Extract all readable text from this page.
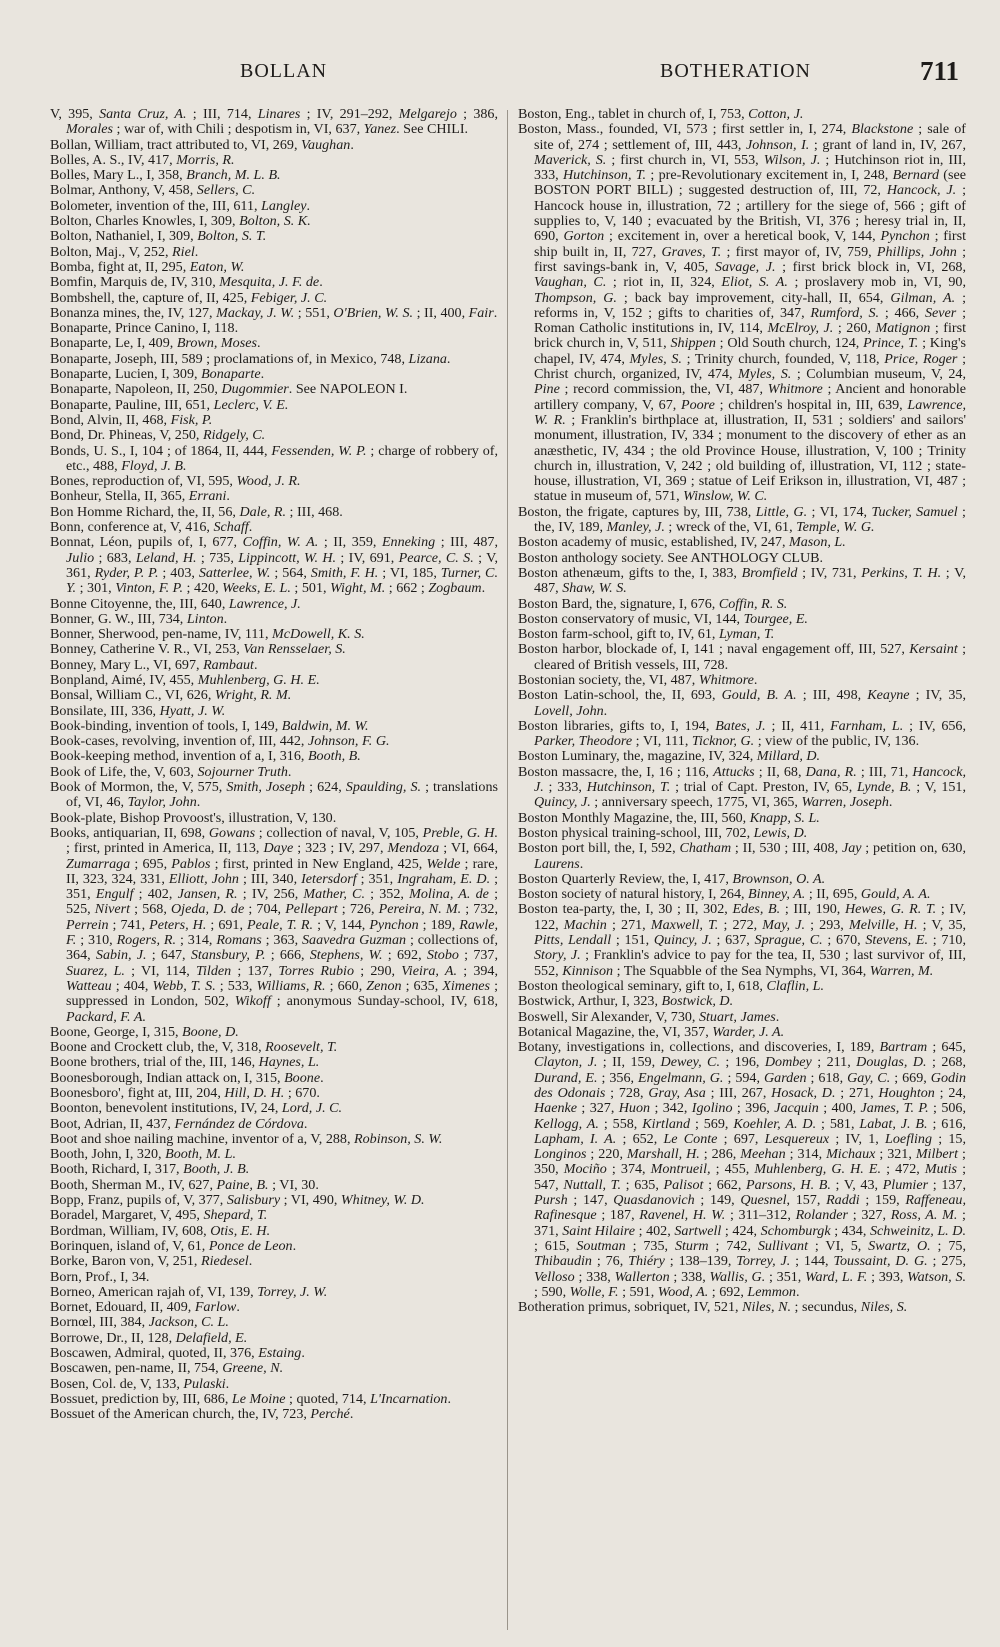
BOLLAN	BOTHERATION	711

V, 395, Santa Cruz, A. ; III, 714, Linares ; IV, 291–292, Melgarejo ; 386, Morales ; war of, with Chili ; despotism in, VI, 637, Yanez. See CHILI.

Bollan, William, tract attributed to, VI, 269, Vaughan.

Bolles, A. S., IV, 417, Morris, R.

Bolles, Mary L., I, 358, Branch, M. L. B.

Bolmar, Anthony, V, 458, Sellers, C.

Bolometer, invention of the, III, 611, Langley.

Bolton, Charles Knowles, I, 309, Bolton, S. K.

Bolton, Nathaniel, I, 309, Bolton, S. T.

Bolton, Maj., V, 252, Riel.

Bomba, fight at, II, 295, Eaton, W.

Bomfin, Marquis de, IV, 310, Mesquita, J. F. de.

Bombshell, the, capture of, II, 425, Febiger, J. C.

Bonanza mines, the, IV, 127, Mackay, J. W. ; 551, O'Brien, W. S. ; II, 400, Fair.

Bonaparte, Prince Canino, I, 118.

Bonaparte, Le, I, 409, Brown, Moses.

Bonaparte, Joseph, III, 589 ; proclamations of, in Mexico, 748, Lizana.

Bonaparte, Lucien, I, 309, Bonaparte.

Bonaparte, Napoleon, II, 250, Dugommier. See NAPOLEON I.

Bonaparte, Pauline, III, 651, Leclerc, V. E.

Bond, Alvin, II, 468, Fisk, P.

Bond, Dr. Phineas, V, 250, Ridgely, C.

Bonds, U. S., I, 104 ; of 1864, II, 444, Fessenden, W. P. ; charge of robbery of, etc., 488, Floyd, J. B.

Bones, reproduction of, VI, 595, Wood, J. R.

Bonheur, Stella, II, 365, Errani.

Bon Homme Richard, the, II, 56, Dale, R. ; III, 468.

Bonn, conference at, V, 416, Schaff.

Bonnat, Léon, pupils of, I, 677, Coffin, W. A. ; II, 359, Enneking ; III, 487, Julio ; 683, Leland, H. ; 735, Lippincott, W. H. ; IV, 691, Pearce, C. S. ; V, 361, Ryder, P. P. ; 403, Satterlee, W. ; 564, Smith, F. H. ; VI, 185, Turner, C. Y. ; 301, Vinton, F. P. ; 420, Weeks, E. L. ; 501, Wight, M. ; 662 ; Zogbaum.

Bonne Citoyenne, the, III, 640, Lawrence, J.

Bonner, G. W., III, 734, Linton.

Bonner, Sherwood, pen-name, IV, 111, McDowell, K. S.

Bonney, Catherine V. R., VI, 253, Van Rensselaer, S.

Bonney, Mary L., VI, 697, Rambaut.

Bonpland, Aimé, IV, 455, Muhlenberg, G. H. E.

Bonsal, William C., VI, 626, Wright, R. M.

Bonsilate, III, 336, Hyatt, J. W.

Book-binding, invention of tools, I, 149, Baldwin, M. W.

Book-cases, revolving, invention of, III, 442, Johnson, F. G.

Book-keeping method, invention of a, I, 316, Booth, B.

Book of Life, the, V, 603, Sojourner Truth.

Book of Mormon, the, V, 575, Smith, Joseph ; 624, Spaulding, S. ; translations of, VI, 46, Taylor, John.

Book-plate, Bishop Provoost's, illustration, V, 130.

Books, antiquarian, II, 698, Gowans ; collection of naval, V, 105, Preble, G. H. ; first, printed in America, II, 113, Daye ; 323 ; IV, 297, Mendoza ; VI, 664, Zumarraga ; 695, Pablos ; first, printed in New England, 425, Welde ; rare, II, 323, 324, 331, Elliott, John ; III, 340, Ietersdorf ; 351, Ingraham, E. D. ; 351, Engulf ; 402, Jansen, R. ; IV, 256, Mather, C. ; 352, Molina, A. de ; 525, Nivert ; 568, Ojeda, D. de ; 704, Pellepart ; 726, Pereira, N. M. ; 732, Perrein ; 741, Peters, H. ; 691, Peale, T. R. ; V, 144, Pynchon ; 189, Rawle, F. ; 310, Rogers, R. ; 314, Romans ; 363, Saavedra Guzman ; collections of, 364, Sabin, J. ; 647, Stansbury, P. ; 666, Stephens, W. ; 692, Stobo ; 737, Suarez, L. ; VI, 114, Tilden ; 137, Torres Rubio ; 290, Vieira, A. ; 394, Watteau ; 404, Webb, T. S. ; 533, Williams, R. ; 660, Zenon ; 635, Ximenes ; suppressed in London, 502, Wikoff ; anonymous Sunday-school, IV, 618, Packard, F. A.

Boone, George, I, 315, Boone, D.

Boone and Crockett club, the, V, 318, Roosevelt, T.

Boone brothers, trial of the, III, 146, Haynes, L.

Boonesborough, Indian attack on, I, 315, Boone.

Boonesboro', fight at, III, 204, Hill, D. H. ; 670.

Boonton, benevolent institutions, IV, 24, Lord, J. C.

Boot, Adrian, II, 437, Fernández de Córdova.

Boot and shoe nailing machine, inventor of a, V, 288, Robinson, S. W.

Booth, John, I, 320, Booth, M. L.

Booth, Richard, I, 317, Booth, J. B.

Booth, Sherman M., IV, 627, Paine, B. ; VI, 30.

Bopp, Franz, pupils of, V, 377, Salisbury ; VI, 490, Whitney, W. D.

Boradel, Margaret, V, 495, Shepard, T.

Bordman, William, IV, 608, Otis, E. H.

Borinquen, island of, V, 61, Ponce de Leon.

Borke, Baron von, V, 251, Riedesel.

Born, Prof., I, 34.

Borneo, American rajah of, VI, 139, Torrey, J. W.

Bornet, Edouard, II, 409, Farlow.

Bornœl, III, 384, Jackson, C. L.

Borrowe, Dr., II, 128, Delafield, E.

Boscawen, Admiral, quoted, II, 376, Estaing.

Boscawen, pen-name, II, 754, Greene, N.

Bosen, Col. de, V, 133, Pulaski.

Bossuet, prediction by, III, 686, Le Moine ; quoted, 714, L'Incarnation.

Bossuet of the American church, the, IV, 723, Perché.

Boston, Eng., tablet in church of, I, 753, Cotton, J.

Boston, Mass., founded, VI, 573 ; first settler in, I, 274, Blackstone ; sale of site of, 274 ; settlement of, III, 443, Johnson, I. ; grant of land in, IV, 267, Maverick, S. ; first church in, VI, 553, Wilson, J. ; Hutchinson riot in, III, 333, Hutchinson, T. ; pre-Revolutionary excitement in, I, 248, Bernard (see BOSTON PORT BILL) ; suggested destruction of, III, 72, Hancock, J. ; Hancock house in, illustration, 72 ; artillery for the siege of, 566 ; gift of supplies to, V, 140 ; evacuated by the British, VI, 376 ; heresy trial in, II, 690, Gorton ; excitement in, over a heretical book, V, 144, Pynchon ; first ship built in, II, 727, Graves, T. ; first mayor of, IV, 759, Phillips, John ; first savings-bank in, V, 405, Savage, J. ; first brick block in, VI, 268, Vaughan, C. ; riot in, II, 324, Eliot, S. A. ; proslavery mob in, VI, 90, Thompson, G. ; back bay improvement, city-hall, II, 654, Gilman, A. ; reforms in, V, 152 ; gifts to charities of, 347, Rumford, S. ; 466, Sever ; Roman Catholic institutions in, IV, 114, McElroy, J. ; 260, Matignon ; first brick church in, V, 511, Shippen ; Old South church, 124, Prince, T. ; King's chapel, IV, 474, Myles, S. ; Trinity church, founded, V, 118, Price, Roger ; Christ church, organized, IV, 474, Myles, S. ; Columbian museum, V, 24, Pine ; record commission, the, VI, 487, Whitmore ; Ancient and honorable artillery company, V, 67, Poore ; children's hospital in, III, 639, Lawrence, W. R. ; Franklin's birthplace at, illustration, II, 531 ; soldiers' and sailors' monument, illustration, IV, 334 ; monument to the discovery of ether as an anæsthetic, IV, 434 ; the old Province House, illustration, V, 100 ; Trinity church in, illustration, V, 242 ; old building of, illustration, VI, 112 ; state-house, illustration, VI, 369 ; statue of Leif Erikson in, illustration, VI, 487 ; statue in museum of, 571, Winslow, W. C.

Boston, the frigate, captures by, III, 738, Little, G. ; VI, 174, Tucker, Samuel ; the, IV, 189, Manley, J. ; wreck of the, VI, 61, Temple, W. G.

Boston academy of music, established, IV, 247, Mason, L.

Boston anthology society. See ANTHOLOGY CLUB.

Boston athenæum, gifts to the, I, 383, Bromfield ; IV, 731, Perkins, T. H. ; V, 487, Shaw, W. S.

Boston Bard, the, signature, I, 676, Coffin, R. S.

Boston conservatory of music, VI, 144, Tourgee, E.

Boston farm-school, gift to, IV, 61, Lyman, T.

Boston harbor, blockade of, I, 141 ; naval engagement off, III, 527, Kersaint ; cleared of British vessels, III, 728.

Bostonian society, the, VI, 487, Whitmore.

Boston Latin-school, the, II, 693, Gould, B. A. ; III, 498, Keayne ; IV, 35, Lovell, John.

Boston libraries, gifts to, I, 194, Bates, J. ; II, 411, Farnham, L. ; IV, 656, Parker, Theodore ; VI, 111, Ticknor, G. ; view of the public, IV, 136.

Boston Luminary, the, magazine, IV, 324, Millard, D.

Boston massacre, the, I, 16 ; 116, Attucks ; II, 68, Dana, R. ; III, 71, Hancock, J. ; 333, Hutchinson, T. ; trial of Capt. Preston, IV, 65, Lynde, B. ; V, 151, Quincy, J. ; anniversary speech, 1775, VI, 365, Warren, Joseph.

Boston Monthly Magazine, the, III, 560, Knapp, S. L.

Boston physical training-school, III, 702, Lewis, D.

Boston port bill, the, I, 592, Chatham ; II, 530 ; III, 408, Jay ; petition on, 630, Laurens.

Boston Quarterly Review, the, I, 417, Brownson, O. A.

Boston society of natural history, I, 264, Binney, A. ; II, 695, Gould, A. A.

Boston tea-party, the, I, 30 ; II, 302, Edes, B. ; III, 190, Hewes, G. R. T. ; IV, 122, Machin ; 271, Maxwell, T. ; 272, May, J. ; 293, Melville, H. ; V, 35, Pitts, Lendall ; 151, Quincy, J. ; 637, Sprague, C. ; 670, Stevens, E. ; 710, Story, J. ; Franklin's advice to pay for the tea, II, 530 ; last survivor of, III, 552, Kinnison ; The Squabble of the Sea Nymphs, VI, 364, Warren, M.

Boston theological seminary, gift to, I, 618, Claflin, L.

Bostwick, Arthur, I, 323, Bostwick, D.

Boswell, Sir Alexander, V, 730, Stuart, James.

Botanical Magazine, the, VI, 357, Warder, J. A.

Botany, investigations in, collections, and discoveries, I, 189, Bartram ; 645, Clayton, J. ; II, 159, Dewey, C. ; 196, Dombey ; 211, Douglas, D. ; 268, Durand, E. ; 356, Engelmann, G. ; 594, Garden ; 618, Gay, C. ; 669, Godin des Odonais ; 728, Gray, Asa ; III, 267, Hosack, D. ; 271, Houghton ; 24, Haenke ; 327, Huon ; 342, Igolino ; 396, Jacquin ; 400, James, T. P. ; 506, Kellogg, A. ; 558, Kirtland ; 569, Koehler, A. D. ; 581, Labat, J. B. ; 616, Lapham, I. A. ; 652, Le Conte ; 697, Lesquereux ; IV, 1, Loefling ; 15, Longinos ; 220, Marshall, H. ; 286, Meehan ; 314, Michaux ; 321, Milbert ; 350, Mociño ; 374, Montrueil, ; 455, Muhlenberg, G. H. E. ; 472, Mutis ; 547, Nuttall, T. ; 635, Palisot ; 662, Parsons, H. B. ; V, 43, Plumier ; 137, Pursh ; 147, Quasdanovich ; 149, Quesnel, 157, Raddi ; 159, Raffeneau, Rafinesque ; 187, Ravenel, H. W. ; 311–312, Rolander ; 327, Ross, A. M. ; 371, Saint Hilaire ; 402, Sartwell ; 424, Schomburgk ; 434, Schweinitz, L. D. ; 615, Soutman ; 735, Sturm ; 742, Sullivant ; VI, 5, Swartz, O. ; 75, Thibaudin ; 76, Thiéry ; 138–139, Torrey, J. ; 144, Toussaint, D. G. ; 275, Velloso ; 338, Wallerton ; 338, Wallis, G. ; 351, Ward, L. F. ; 393, Watson, S. ; 590, Wolle, F. ; 591, Wood, A. ; 692, Lemmon.

Botheration primus, sobriquet, IV, 521, Niles, N. ; secundus, Niles, S.
